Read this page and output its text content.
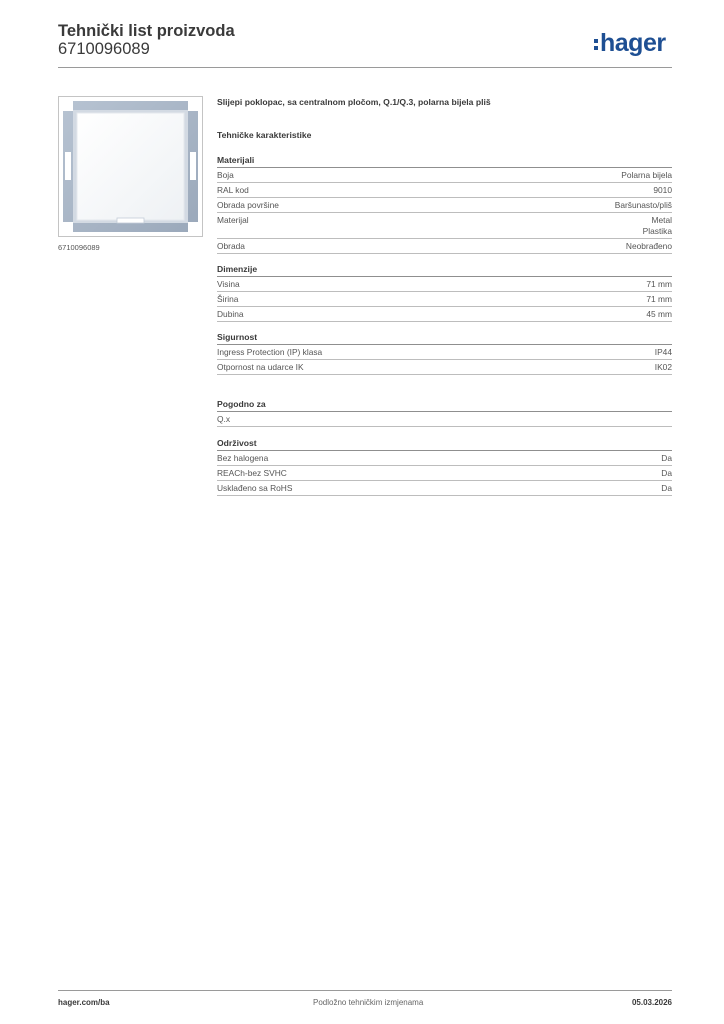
Tehnički list proizvoda
6710096089	hager
6710096089
Slijepi poklopac, sa centralnom pločom, Q.1/Q.3, polarna bijela pliš
Tehničke karakteristike
Materijali
Boja	Polarna bijela
RAL kod	9010
Obrada površine	Baršunasto/pliš
Materijal	Metal
Plastika
Obrada	Neobrađeno
Dimenzije
Visina	71 mm
Širina	71 mm
Dubina	45 mm
Sigurnost
Ingress Protection (IP) klasa	IP44
Otpornost na udarce IK	IK02
Pogodno za
Q.x
Održivost
Bez halogena	Da
REACh-bez SVHC	Da
Usklađeno sa RoHS	Da
hager.com/ba	Podložno tehničkim izmjenama	05.03.2026
